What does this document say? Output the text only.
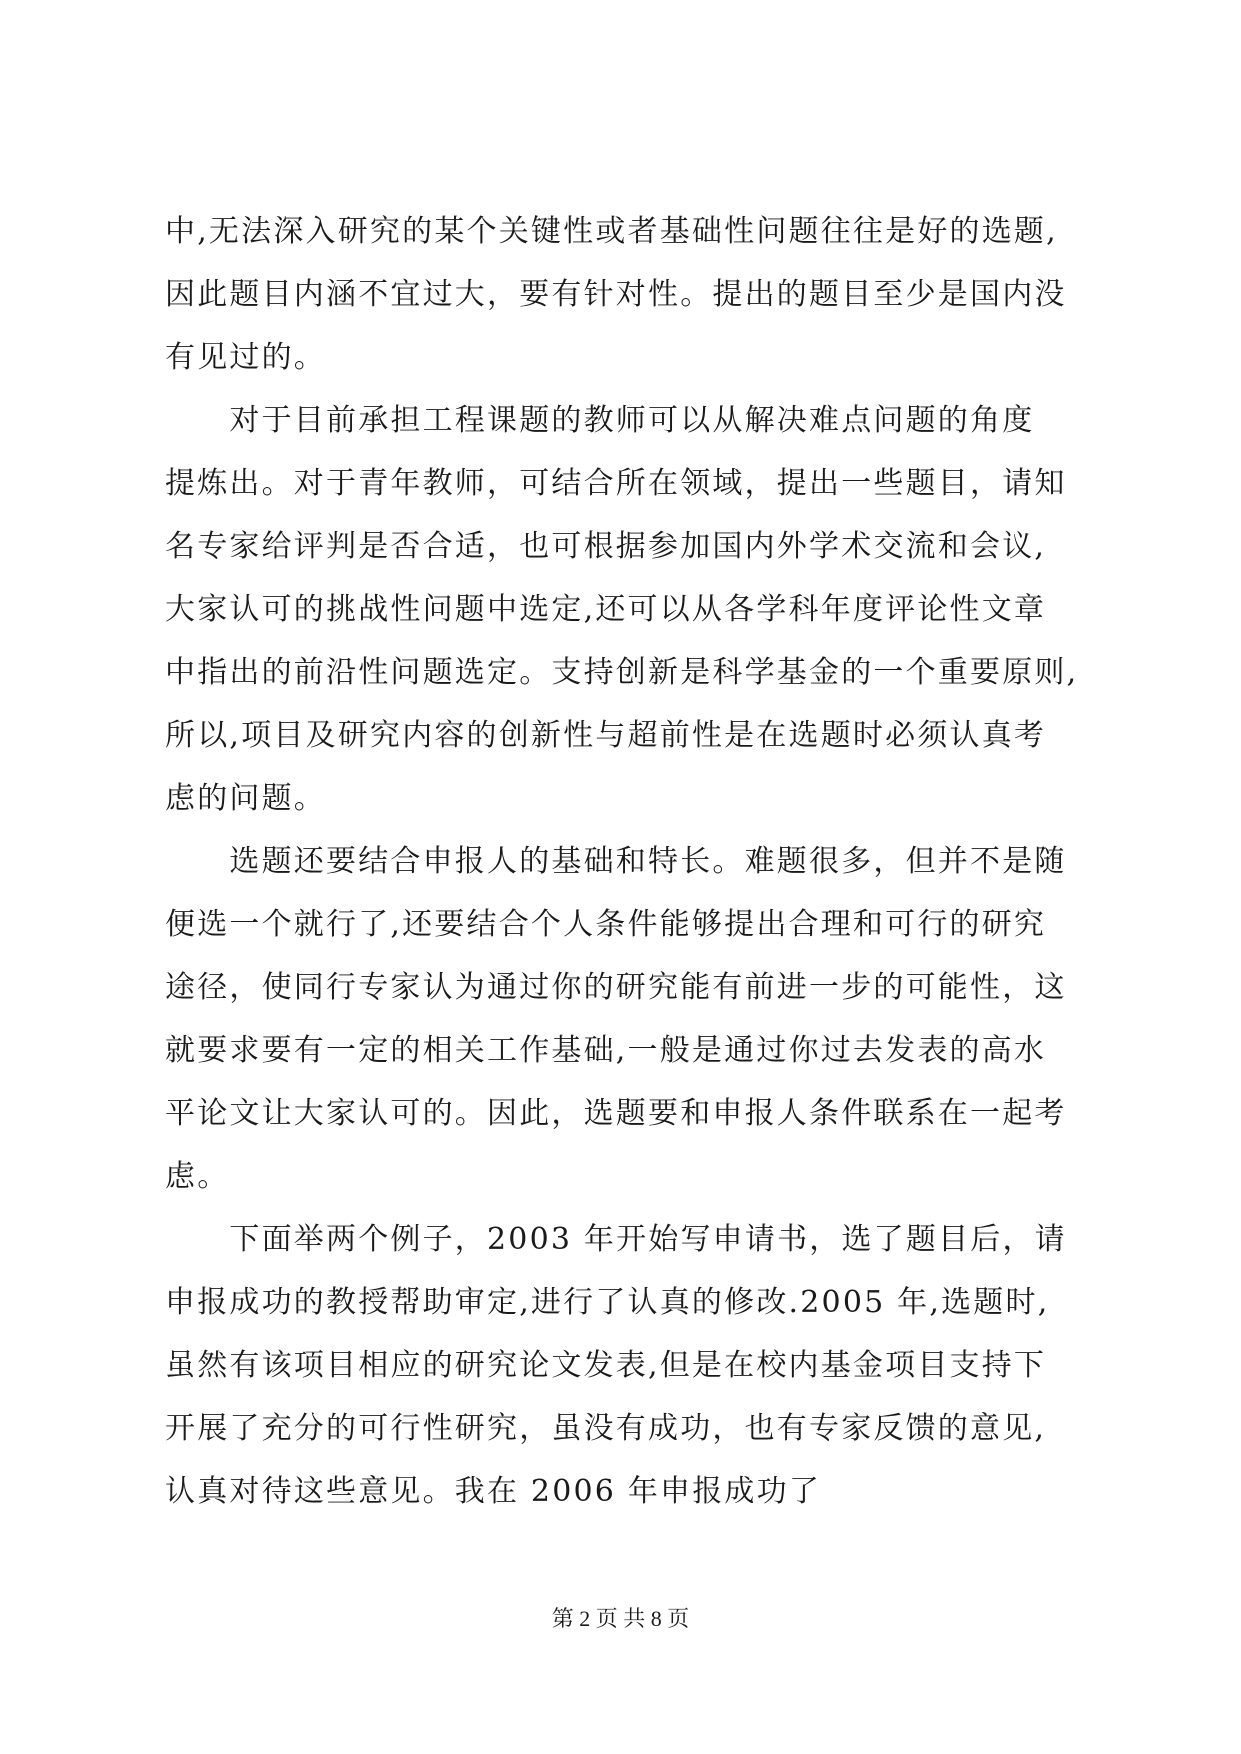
中,无法深入研究的某个关键性或者基础性问题往往是好的选题,
因此题目内涵不宜过大，要有针对性。提出的题目至少是国内没
有见过的。
　　对于目前承担工程课题的教师可以从解决难点问题的角度
提炼出。对于青年教师，可结合所在领域，提出一些题目，请知
名专家给评判是否合适，也可根据参加国内外学术交流和会议,
大家认可的挑战性问题中选定,还可以从各学科年度评论性文章
中指出的前沿性问题选定。支持创新是科学基金的一个重要原则,
所以,项目及研究内容的创新性与超前性是在选题时必须认真考
虑的问题。
　　选题还要结合申报人的基础和特长。难题很多，但并不是随
便选一个就行了,还要结合个人条件能够提出合理和可行的研究
途径，使同行专家认为通过你的研究能有前进一步的可能性，这
就要求要有一定的相关工作基础,一般是通过你过去发表的高水
平论文让大家认可的。因此，选题要和申报人条件联系在一起考
虑。
　　下面举两个例子，2003 年开始写申请书，选了题目后，请
申报成功的教授帮助审定,进行了认真的修改.2005 年,选题时,
虽然有该项目相应的研究论文发表,但是在校内基金项目支持下
开展了充分的可行性研究，虽没有成功，也有专家反馈的意见,
认真对待这些意见。我在 2006 年申报成功了
第 2 页 共 8 页
